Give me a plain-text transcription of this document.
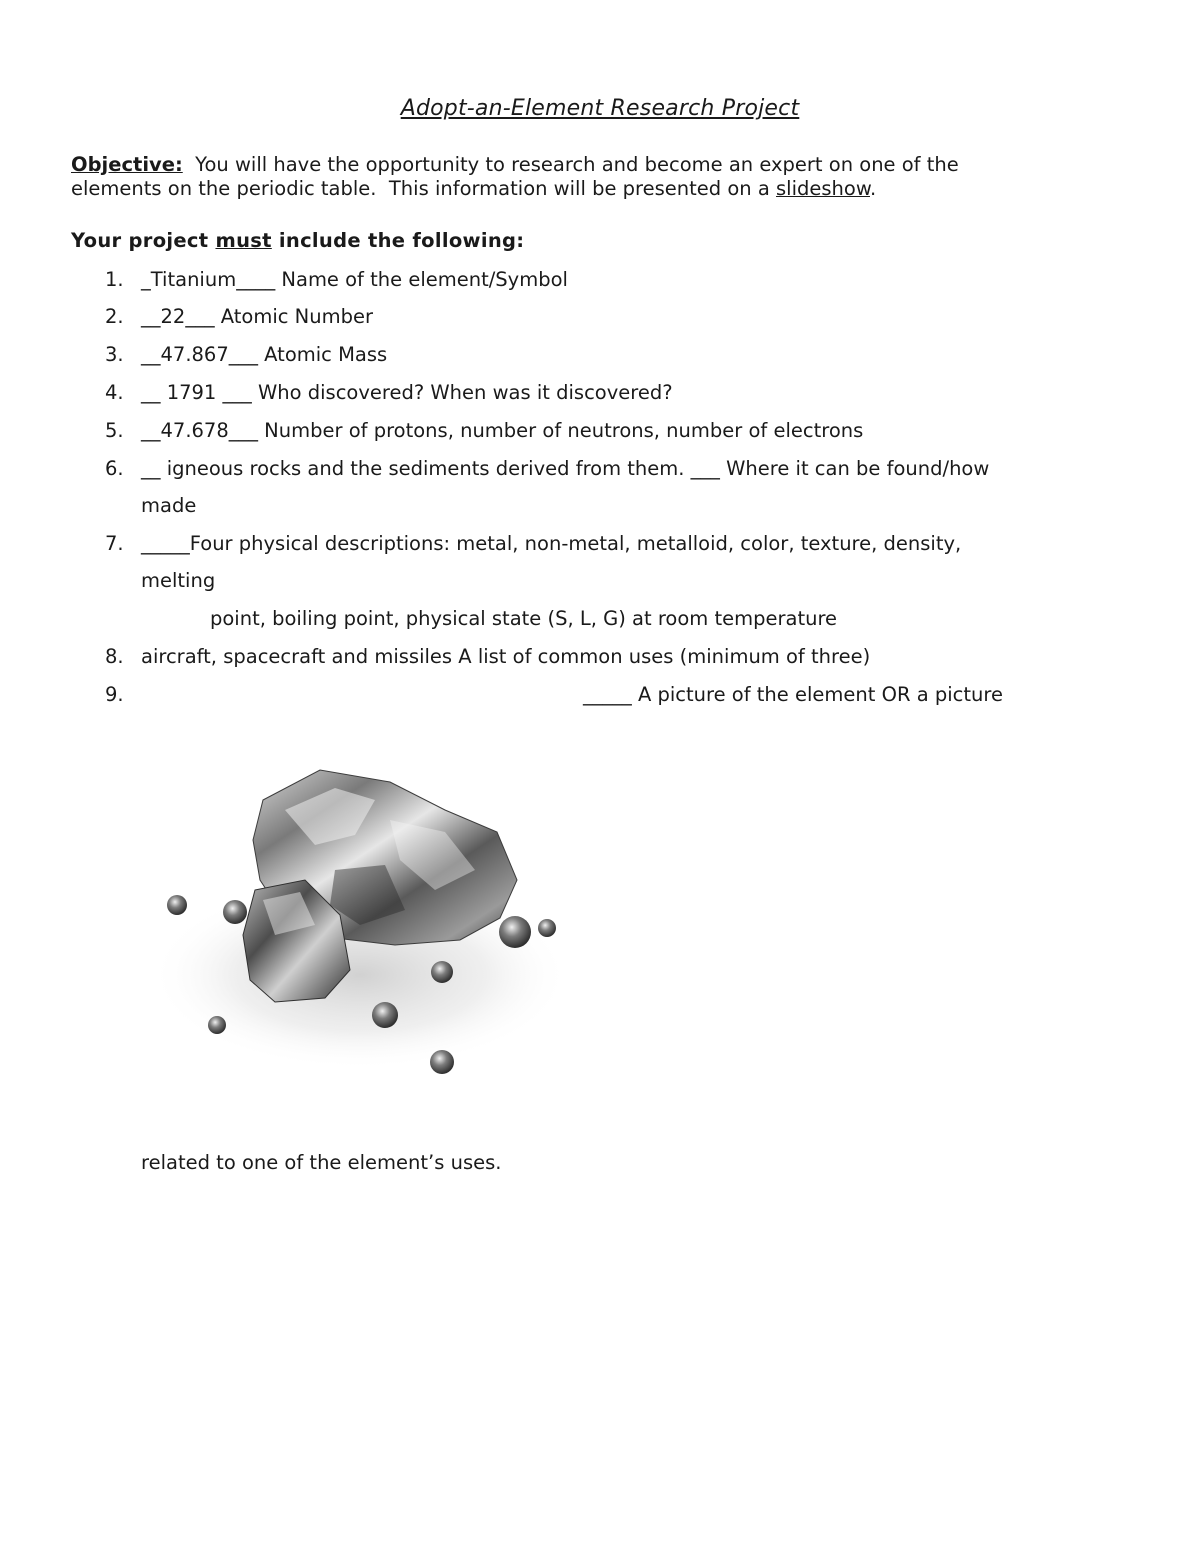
Adopt-an-Element Research Project
Objective:  You will have the opportunity to research and become an expert on one of the
elements on the periodic table.  This information will be presented on a slideshow.
Your project must include the following:
1. _Titanium____ Name of the element/Symbol
2. __22___ Atomic Number
3. __47.867___ Atomic Mass
4. __ 1791 ___ Who discovered? When was it discovered?
5. __47.678___ Number of protons, number of neutrons, number of electrons
6. __ igneous rocks and the sediments derived from them. ___ Where it can be found/how
made
7. _____Four physical descriptions: metal, non-metal, metalloid, color, texture, density,
melting
point, boiling point, physical state (S, L, G) at room temperature
8. aircraft, spacecraft and missiles A list of common uses (minimum of three)
9.	_____ A picture of the element OR a picture
related to one of the element’s uses.
